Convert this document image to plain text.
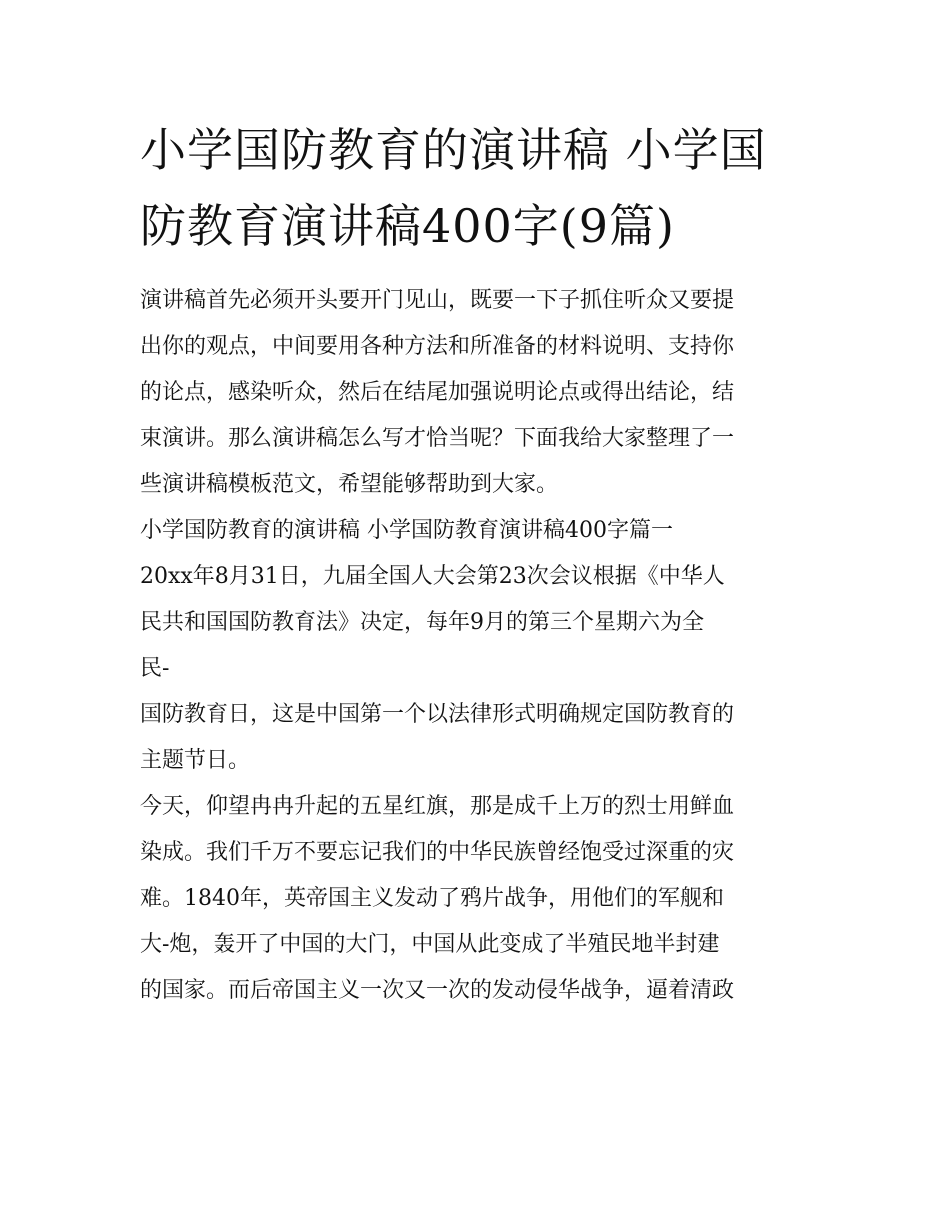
小学国防教育的演讲稿 小学国
防教育演讲稿400字(9篇)

演讲稿首先必须开头要开门见山，既要一下子抓住听众又要提

出你的观点，中间要用各种方法和所准备的材料说明、支持你

的论点，感染听众，然后在结尾加强说明论点或得出结论，结

束演讲。那么演讲稿怎么写才恰当呢？下面我给大家整理了一

些演讲稿模板范文，希望能够帮助到大家。

小学国防教育的演讲稿 小学国防教育演讲稿400字篇一

20xx年8月31日，九届全国人大会第23次会议根据《中华人

民共和国国防教育法》决定，每年9月的第三个星期六为全

民-

国防教育日，这是中国第一个以法律形式明确规定国防教育的

主题节日。

今天，仰望冉冉升起的五星红旗，那是成千上万的烈士用鲜血

染成。我们千万不要忘记我们的中华民族曾经饱受过深重的灾

难。1840年，英帝国主义发动了鸦片战争，用他们的军舰和

大-炮，轰开了中国的大门，中国从此变成了半殖民地半封建

的国家。而后帝国主义一次又一次的发动侵华战争，逼着清政
